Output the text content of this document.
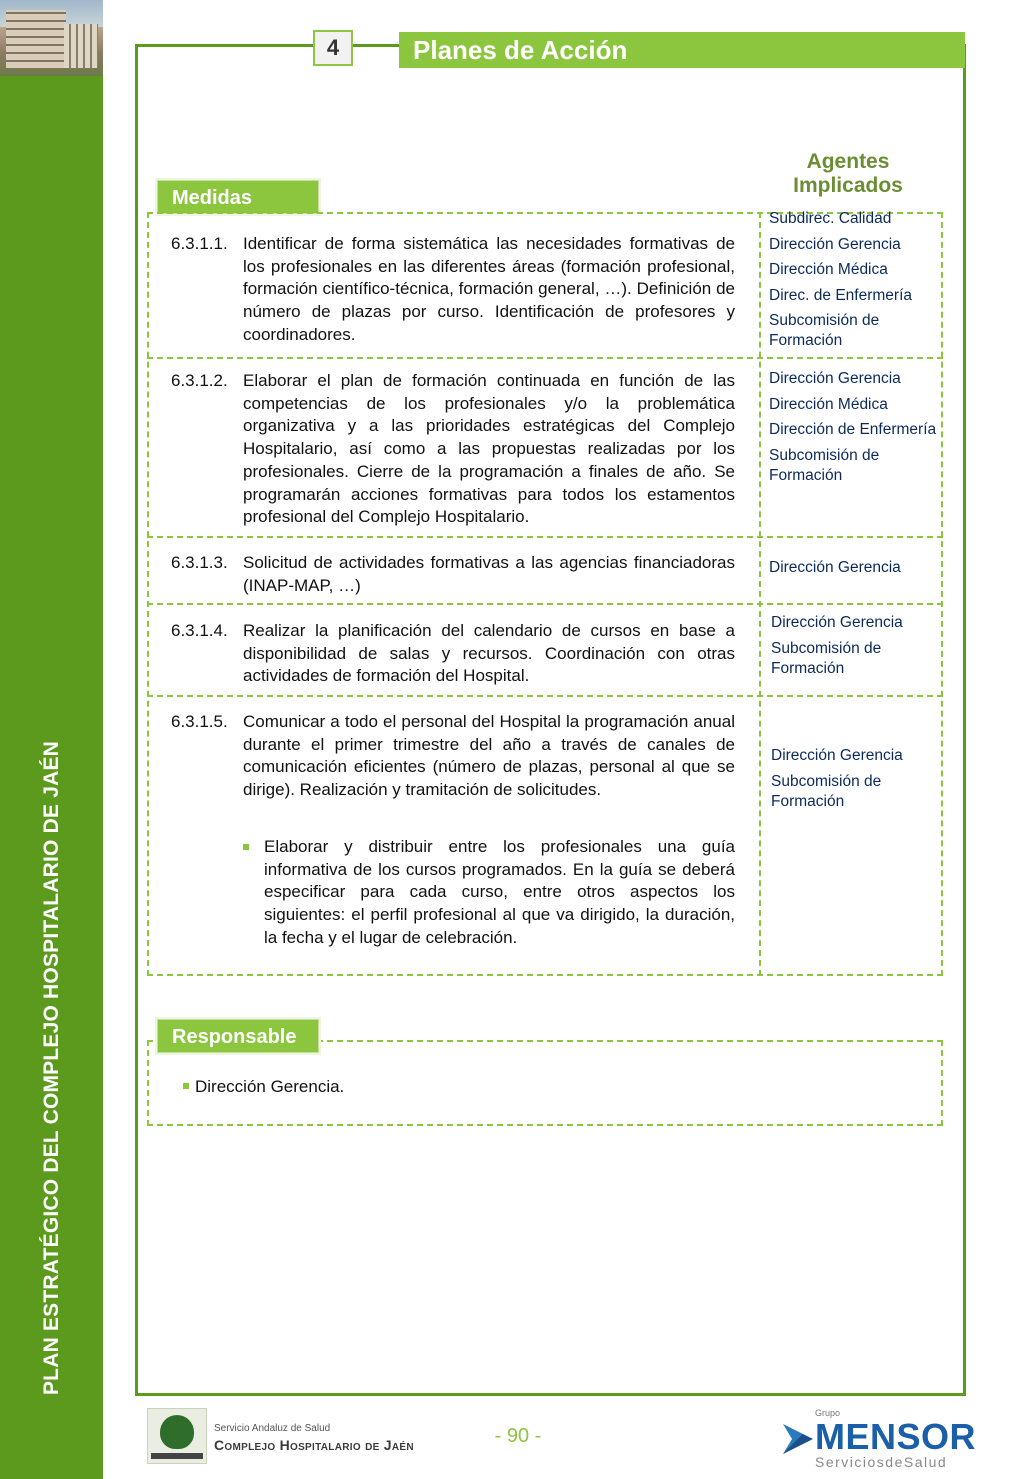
PLAN ESTRATÉGICO DEL COMPLEJO HOSPITALARIO DE JAÉN
4	Planes de Acción
Agentes Implicados
Medidas
6.3.1.1. Identificar de forma sistemática las necesidades formativas de los profesionales en las diferentes áreas (formación profesional, formación científico-técnica, formación general, …). Definición de número de plazas por curso. Identificación de profesores y coordinadores.
Subdirec. Calidad
Dirección Gerencia
Dirección Médica
Direc. de Enfermería
Subcomisión de Formación
6.3.1.2. Elaborar el plan de formación continuada en función de las competencias de los profesionales y/o la problemática organizativa y a las prioridades estratégicas del Complejo Hospitalario, así como a las propuestas realizadas por los profesionales. Cierre de la programación a finales de año. Se programarán acciones formativas para todos los estamentos profesional del Complejo Hospitalario.
Dirección Gerencia
Dirección Médica
Dirección de Enfermería
Subcomisión de Formación
6.3.1.3. Solicitud de actividades formativas a las agencias financiadoras (INAP-MAP, …)
Dirección Gerencia
6.3.1.4. Realizar la planificación del calendario de cursos en base a disponibilidad de salas y recursos. Coordinación con otras actividades de formación del Hospital.
Dirección Gerencia
Subcomisión de Formación
6.3.1.5. Comunicar a todo el personal del Hospital la programación anual durante el primer trimestre del año a través de canales de comunicación eficientes (número de plazas, personal al que se dirige). Realización y tramitación de solicitudes.
Elaborar y distribuir entre los profesionales una guía informativa de los cursos programados. En la guía se deberá especificar para cada curso, entre otros aspectos los siguientes: el perfil profesional al que va dirigido, la duración, la fecha y el lugar de celebración.
Dirección Gerencia
Subcomisión de Formación
Responsable
Dirección Gerencia.
Servicio Andaluz de Salud
Complejo Hospitalario de Jaén	- 90 -
Grupo
MENSOR
ServiciosdeSalud
